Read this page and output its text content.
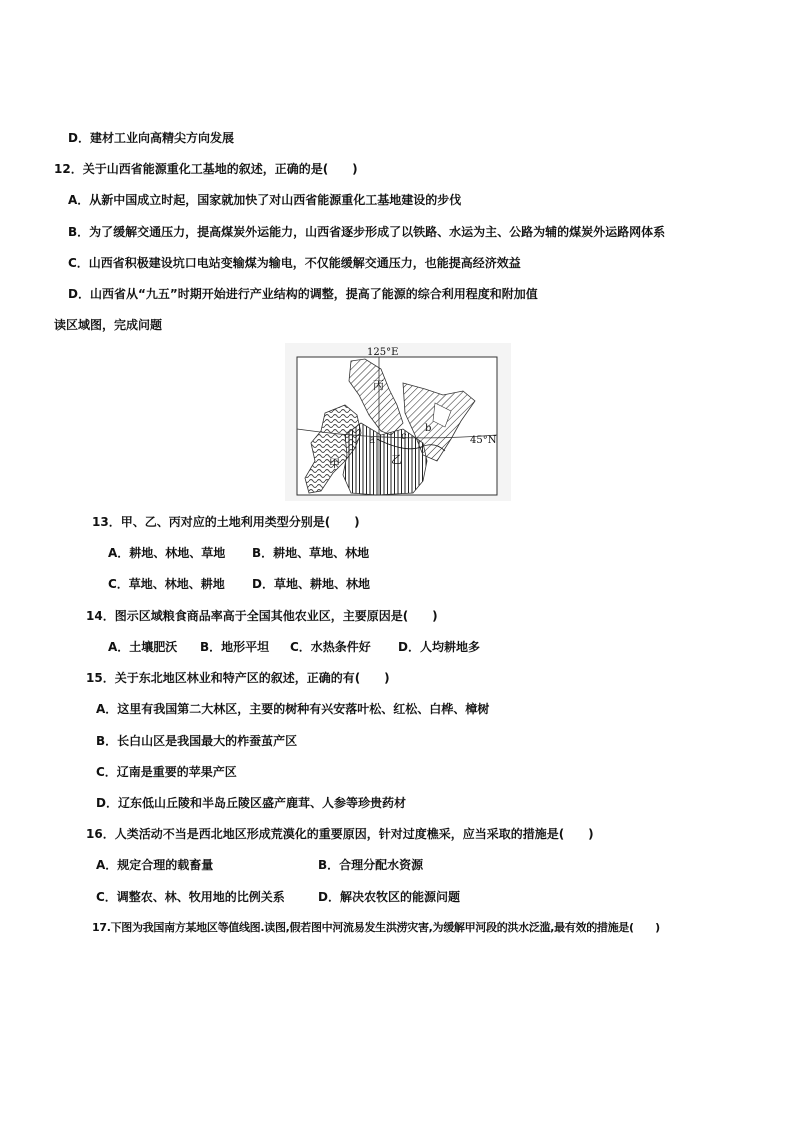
D．建材工业向高精尖方向发展
12．关于山西省能源重化工基地的叙述，正确的是(　　)
A．从新中国成立时起，国家就加快了对山西省能源重化工基地建设的步伐
B．为了缓解交通压力，提高煤炭外运能力，山西省逐步形成了以铁路、水运为主、公路为辅的煤炭外运路网体系
C．山西省积极建设坑口电站变输煤为输电，不仅能缓解交通压力，也能提高经济效益
D．山西省从“九五”时期开始进行产业结构的调整，提高了能源的综合利用程度和附加值
读区域图，完成问题
125°E
45°N
甲	乙
丙
a
b
c
13．甲、乙、丙对应的土地利用类型分别是(　　)
A．耕地、林地、草地 B．耕地、草地、林地
C．草地、林地、耕地 D．草地、耕地、林地
14．图示区域粮食商品率高于全国其他农业区，主要原因是(　　)
A．土壤肥沃 B．地形平坦 C．水热条件好 D．人均耕地多
15．关于东北地区林业和特产区的叙述，正确的有(　　)
A．这里有我国第二大林区，主要的树种有兴安落叶松、红松、白桦、樟树
B．长白山区是我国最大的柞蚕茧产区
C．辽南是重要的苹果产区
D．辽东低山丘陵和半岛丘陵区盛产鹿茸、人参等珍贵药材
16．人类活动不当是西北地区形成荒漠化的重要原因，针对过度樵采，应当采取的措施是(　　)
A．规定合理的载畜量	B．合理分配水资源
C．调整农、林、牧用地的比例关系	D．解决农牧区的能源问题
17.下图为我国南方某地区等值线图.读图,假若图中河流易发生洪涝灾害,为缓解甲河段的洪水泛滥,最有效的措施是(　　)
